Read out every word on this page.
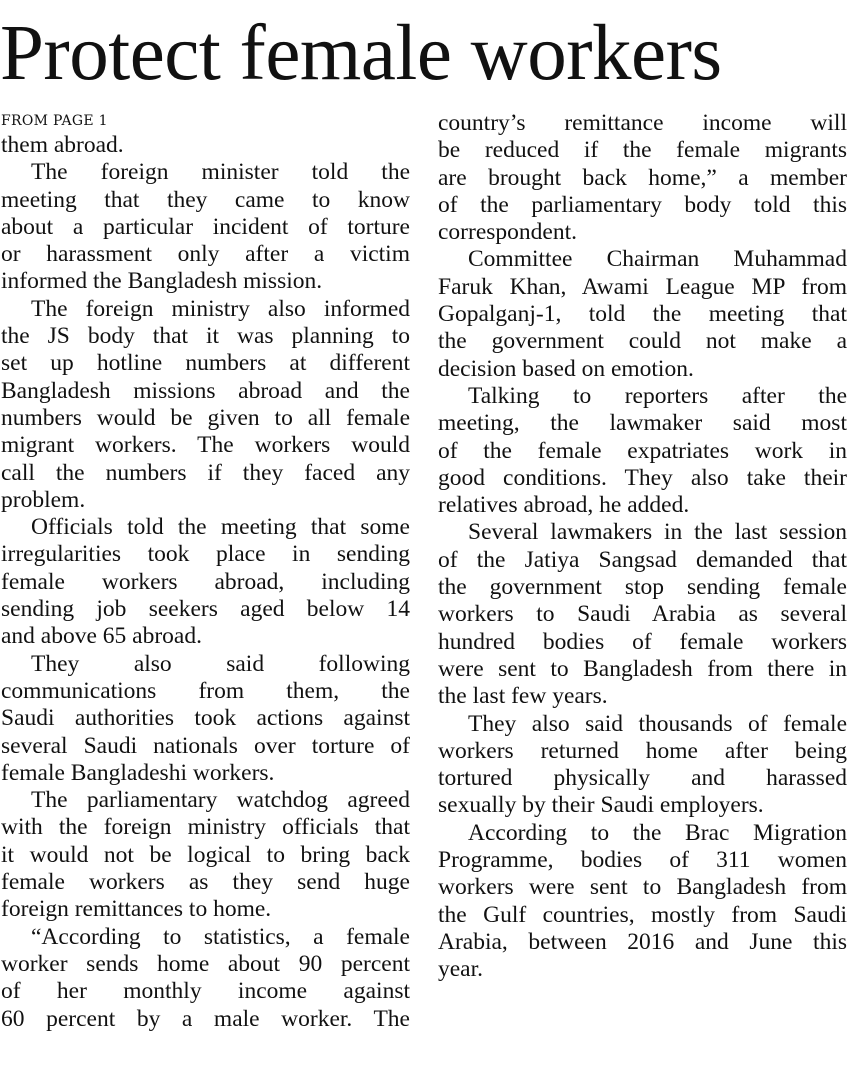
Protect female workers
FROM PAGE 1
them abroad.
The foreign minister told the
meeting that they came to know
about a particular incident of torture
or harassment only after a victim
informed the Bangladesh mission.
The foreign ministry also informed
the JS body that it was planning to
set up hotline numbers at different
Bangladesh missions abroad and the
numbers would be given to all female
migrant workers. The workers would
call the numbers if they faced any
problem.
Officials told the meeting that some
irregularities took place in sending
female workers abroad, including
sending job seekers aged below 14
and above 65 abroad.
They also said following
communications from them, the
Saudi authorities took actions against
several Saudi nationals over torture of
female Bangladeshi workers.
The parliamentary watchdog agreed
with the foreign ministry officials that
it would not be logical to bring back
female workers as they send huge
foreign remittances to home.
“According to statistics, a female
worker sends home about 90 percent
of her monthly income against
60 percent by a male worker. The
country’s remittance income will
be reduced if the female migrants
are brought back home,” a member
of the parliamentary body told this
correspondent.
Committee Chairman Muhammad
Faruk Khan, Awami League MP from
Gopalganj-1, told the meeting that
the government could not make a
decision based on emotion.
Talking to reporters after the
meeting, the lawmaker said most
of the female expatriates work in
good conditions. They also take their
relatives abroad, he added.
Several lawmakers in the last session
of the Jatiya Sangsad demanded that
the government stop sending female
workers to Saudi Arabia as several
hundred bodies of female workers
were sent to Bangladesh from there in
the last few years.
They also said thousands of female
workers returned home after being
tortured physically and harassed
sexually by their Saudi employers.
According to the Brac Migration
Programme, bodies of 311 women
workers were sent to Bangladesh from
the Gulf countries, mostly from Saudi
Arabia, between 2016 and June this
year.
